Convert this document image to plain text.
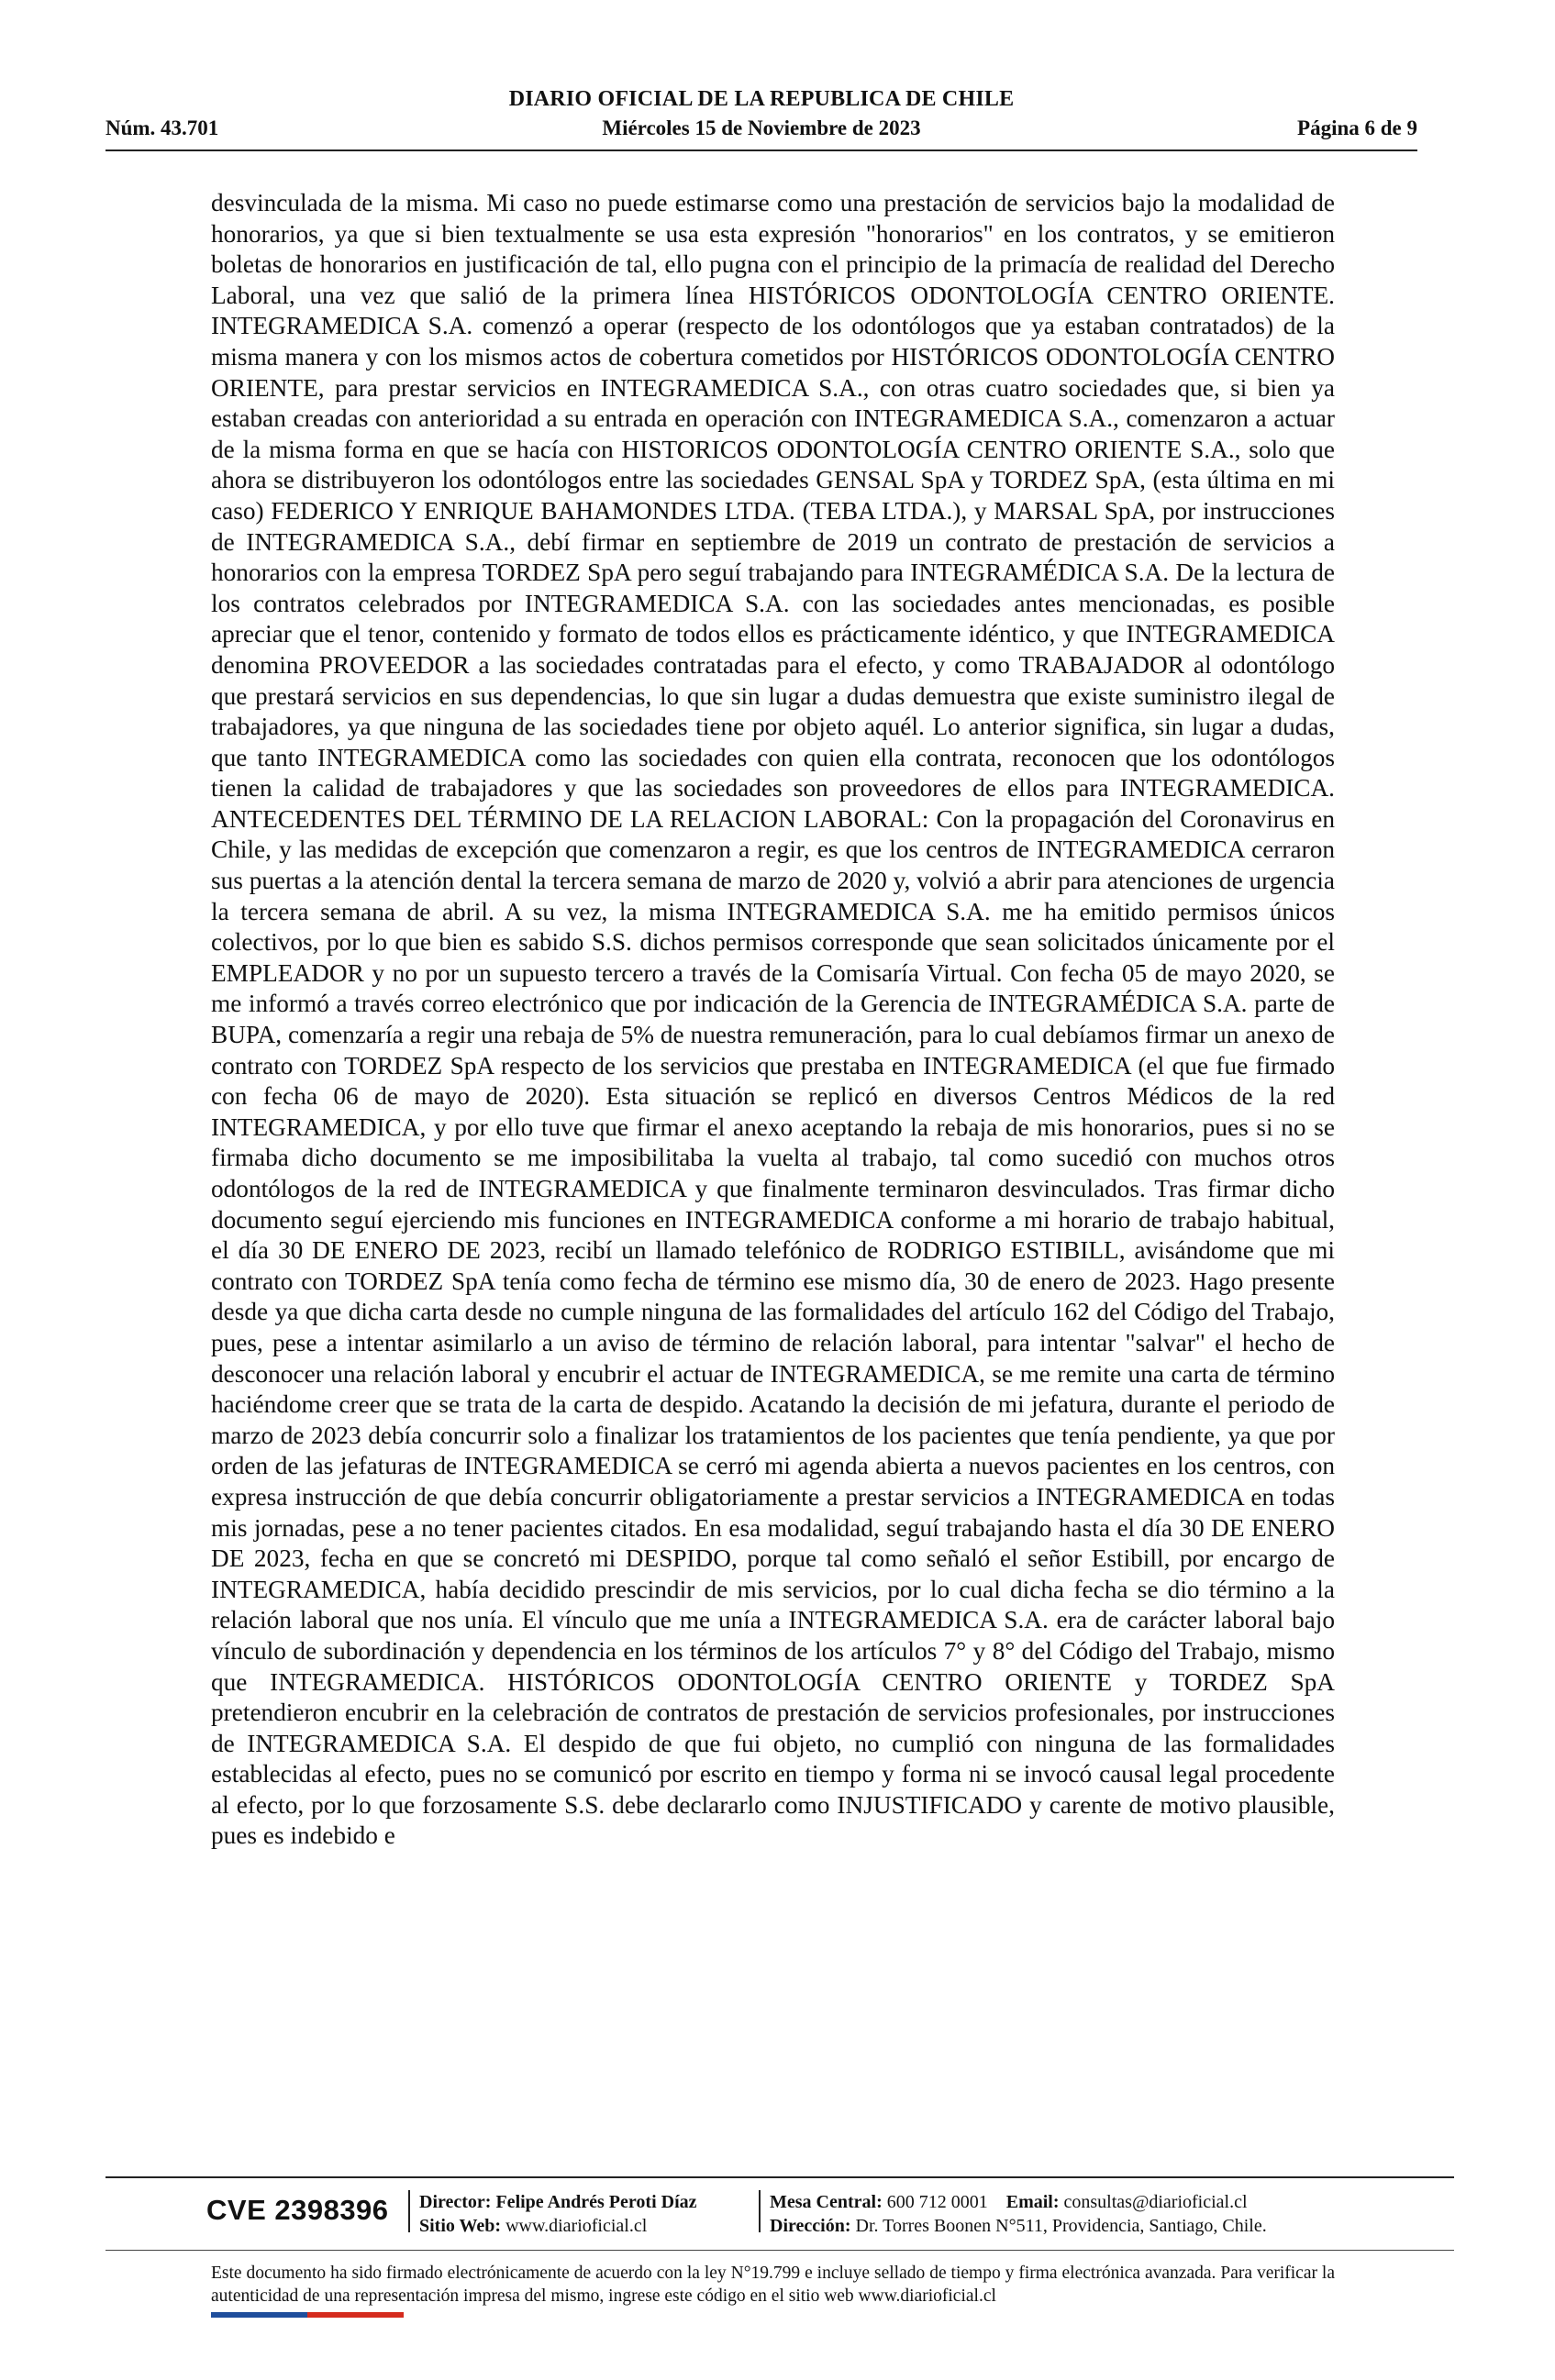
DIARIO OFICIAL DE LA REPUBLICA DE CHILE
Núm. 43.701	Miércoles 15 de Noviembre de 2023	Página 6 de 9

desvinculada de la misma. Mi caso no puede estimarse como una prestación de servicios bajo la modalidad de honorarios, ya que si bien textualmente se usa esta expresión "honorarios" en los contratos, y se emitieron boletas de honorarios en justificación de tal, ello pugna con el principio de la primacía de realidad del Derecho Laboral, una vez que salió de la primera línea HISTÓRICOS ODONTOLOGÍA CENTRO ORIENTE. INTEGRAMEDICA S.A. comenzó a operar (respecto de los odontólogos que ya estaban contratados) de la misma manera y con los mismos actos de cobertura cometidos por HISTÓRICOS ODONTOLOGÍA CENTRO ORIENTE, para prestar servicios en INTEGRAMEDICA S.A., con otras cuatro sociedades que, si bien ya estaban creadas con anterioridad a su entrada en operación con INTEGRAMEDICA S.A., comenzaron a actuar de la misma forma en que se hacía con HISTORICOS ODONTOLOGÍA CENTRO ORIENTE S.A., solo que ahora se distribuyeron los odontólogos entre las sociedades GENSAL SpA y TORDEZ SpA, (esta última en mi caso) FEDERICO Y ENRIQUE BAHAMONDES LTDA. (TEBA LTDA.), y MARSAL SpA, por instrucciones de INTEGRAMEDICA S.A., debí firmar en septiembre de 2019 un contrato de prestación de servicios a honorarios con la empresa TORDEZ SpA pero seguí trabajando para INTEGRAMÉDICA S.A. De la lectura de los contratos celebrados por INTEGRAMEDICA S.A. con las sociedades antes mencionadas, es posible apreciar que el tenor, contenido y formato de todos ellos es prácticamente idéntico, y que INTEGRAMEDICA denomina PROVEEDOR a las sociedades contratadas para el efecto, y como TRABAJADOR al odontólogo que prestará servicios en sus dependencias, lo que sin lugar a dudas demuestra que existe suministro ilegal de trabajadores, ya que ninguna de las sociedades tiene por objeto aquél. Lo anterior significa, sin lugar a dudas, que tanto INTEGRAMEDICA como las sociedades con quien ella contrata, reconocen que los odontólogos tienen la calidad de trabajadores y que las sociedades son proveedores de ellos para INTEGRAMEDICA. ANTECEDENTES DEL TÉRMINO DE LA RELACION LABORAL: Con la propagación del Coronavirus en Chile, y las medidas de excepción que comenzaron a regir, es que los centros de INTEGRAMEDICA cerraron sus puertas a la atención dental la tercera semana de marzo de 2020 y, volvió a abrir para atenciones de urgencia la tercera semana de abril. A su vez, la misma INTEGRAMEDICA S.A. me ha emitido permisos únicos colectivos, por lo que bien es sabido S.S. dichos permisos corresponde que sean solicitados únicamente por el EMPLEADOR y no por un supuesto tercero a través de la Comisaría Virtual. Con fecha 05 de mayo 2020, se me informó a través correo electrónico que por indicación de la Gerencia de INTEGRAMÉDICA S.A. parte de BUPA, comenzaría a regir una rebaja de 5% de nuestra remuneración, para lo cual debíamos firmar un anexo de contrato con TORDEZ SpA respecto de los servicios que prestaba en INTEGRAMEDICA (el que fue firmado con fecha 06 de mayo de 2020). Esta situación se replicó en diversos Centros Médicos de la red INTEGRAMEDICA, y por ello tuve que firmar el anexo aceptando la rebaja de mis honorarios, pues si no se firmaba dicho documento se me imposibilitaba la vuelta al trabajo, tal como sucedió con muchos otros odontólogos de la red de INTEGRAMEDICA y que finalmente terminaron desvinculados. Tras firmar dicho documento seguí ejerciendo mis funciones en INTEGRAMEDICA conforme a mi horario de trabajo habitual, el día 30 DE ENERO DE 2023, recibí un llamado telefónico de RODRIGO ESTIBILL, avisándome que mi contrato con TORDEZ SpA tenía como fecha de término ese mismo día, 30 de enero de 2023. Hago presente desde ya que dicha carta desde no cumple ninguna de las formalidades del artículo 162 del Código del Trabajo, pues, pese a intentar asimilarlo a un aviso de término de relación laboral, para intentar "salvar" el hecho de desconocer una relación laboral y encubrir el actuar de INTEGRAMEDICA, se me remite una carta de término haciéndome creer que se trata de la carta de despido. Acatando la decisión de mi jefatura, durante el periodo de marzo de 2023 debía concurrir solo a finalizar los tratamientos de los pacientes que tenía pendiente, ya que por orden de las jefaturas de INTEGRAMEDICA se cerró mi agenda abierta a nuevos pacientes en los centros, con expresa instrucción de que debía concurrir obligatoriamente a prestar servicios a INTEGRAMEDICA en todas mis jornadas, pese a no tener pacientes citados. En esa modalidad, seguí trabajando hasta el día 30 DE ENERO DE 2023, fecha en que se concretó mi DESPIDO, porque tal como señaló el señor Estibill, por encargo de INTEGRAMEDICA, había decidido prescindir de mis servicios, por lo cual dicha fecha se dio término a la relación laboral que nos unía. El vínculo que me unía a INTEGRAMEDICA S.A. era de carácter laboral bajo vínculo de subordinación y dependencia en los términos de los artículos 7° y 8° del Código del Trabajo, mismo que INTEGRAMEDICA. HISTÓRICOS ODONTOLOGÍA CENTRO ORIENTE y TORDEZ SpA pretendieron encubrir en la celebración de contratos de prestación de servicios profesionales, por instrucciones de INTEGRAMEDICA S.A. El despido de que fui objeto, no cumplió con ninguna de las formalidades establecidas al efecto, pues no se comunicó por escrito en tiempo y forma ni se invocó causal legal procedente al efecto, por lo que forzosamente S.S. debe declararlo como INJUSTIFICADO y carente de motivo plausible, pues es indebido e

CVE 2398396 Director: Felipe Andrés Peroti Díaz
Sitio Web: www.diarioficial.cl
Mesa Central: 600 712 0001 Email: consultas@diarioficial.cl
Dirección: Dr. Torres Boonen N°511, Providencia, Santiago, Chile.

Este documento ha sido firmado electrónicamente de acuerdo con la ley N°19.799 e incluye sellado de tiempo y firma electrónica avanzada. Para verificar la autenticidad de una representación impresa del mismo, ingrese este código en el sitio web www.diarioficial.cl
